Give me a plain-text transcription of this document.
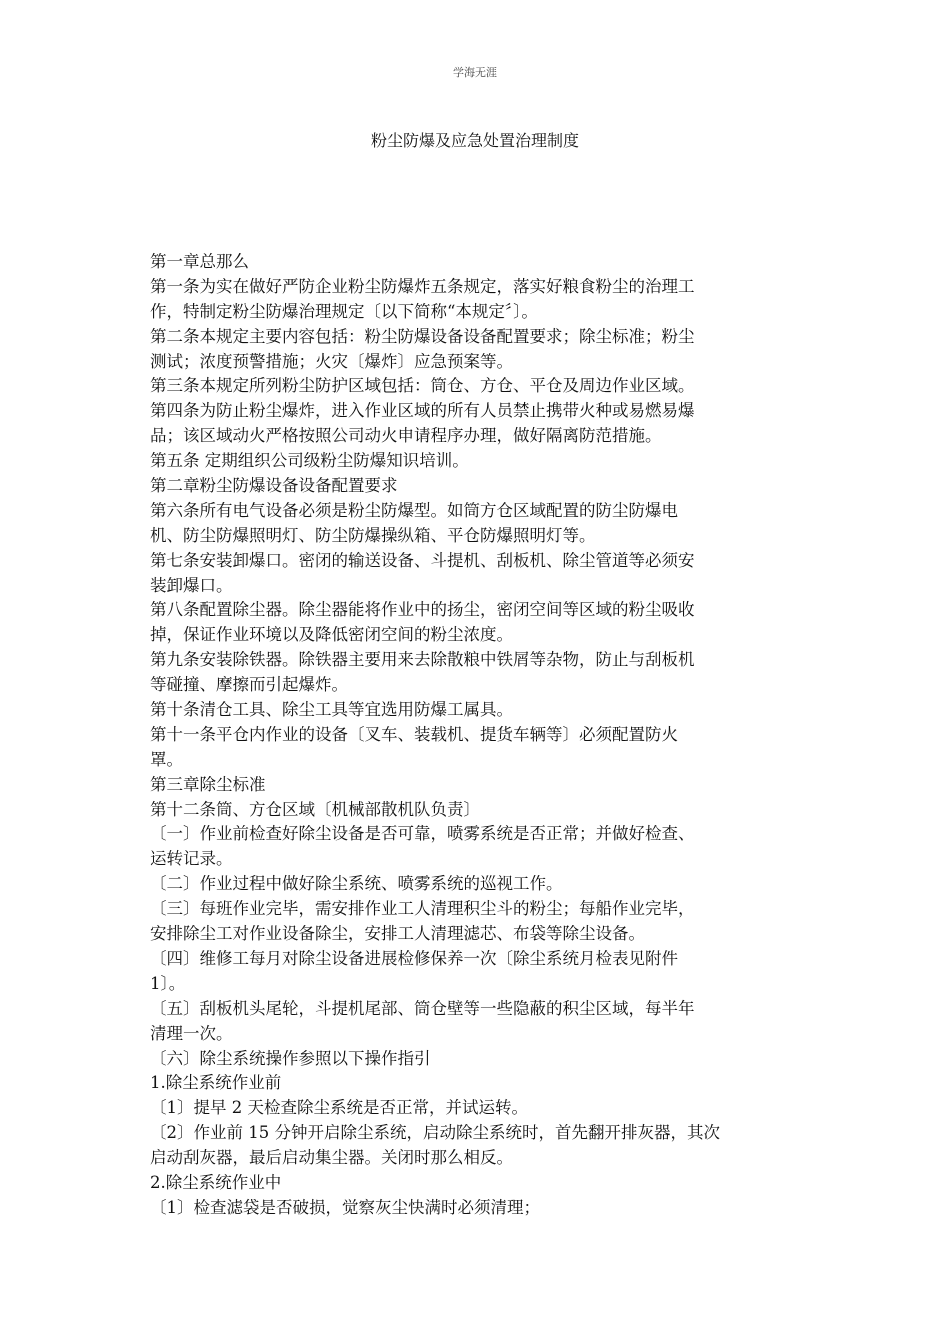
学海无涯
粉尘防爆及应急处置治理制度
第一章总那么
第一条为实在做好严防企业粉尘防爆炸五条规定，落实好粮食粉尘的治理工
作，特制定粉尘防爆治理规定〔以下简称“本规定〞〕。
第二条本规定主要内容包括：粉尘防爆设备设备配置要求；除尘标准；粉尘
测试；浓度预警措施；火灾〔爆炸〕应急预案等。
第三条本规定所列粉尘防护区域包括：筒仓、方仓、平仓及周边作业区域。
第四条为防止粉尘爆炸，进入作业区域的所有人员禁止携带火种或易燃易爆
品；该区域动火严格按照公司动火申请程序办理，做好隔离防范措施。
第五条 定期组织公司级粉尘防爆知识培训。
第二章粉尘防爆设备设备配置要求
第六条所有电气设备必须是粉尘防爆型。如筒方仓区域配置的防尘防爆电
机、防尘防爆照明灯、防尘防爆操纵箱、平仓防爆照明灯等。
第七条安装卸爆口。密闭的输送设备、斗提机、刮板机、除尘管道等必须安
装卸爆口。
第八条配置除尘器。除尘器能将作业中的扬尘，密闭空间等区域的粉尘吸收
掉，保证作业环境以及降低密闭空间的粉尘浓度。
第九条安装除铁器。除铁器主要用来去除散粮中铁屑等杂物，防止与刮板机
等碰撞、摩擦而引起爆炸。
第十条清仓工具、除尘工具等宜选用防爆工属具。
第十一条平仓内作业的设备〔叉车、装载机、提货车辆等〕必须配置防火
罩。
第三章除尘标准
第十二条筒、方仓区域〔机械部散机队负责〕
〔一〕作业前检查好除尘设备是否可靠，喷雾系统是否正常；并做好检查、
运转记录。
〔二〕作业过程中做好除尘系统、喷雾系统的巡视工作。
〔三〕每班作业完毕，需安排作业工人清理积尘斗的粉尘；每船作业完毕，
安排除尘工对作业设备除尘，安排工人清理滤芯、布袋等除尘设备。
〔四〕维修工每月对除尘设备进展检修保养一次〔除尘系统月检表见附件
1〕。
〔五〕刮板机头尾轮，斗提机尾部、筒仓壁等一些隐蔽的积尘区域，每半年
清理一次。
〔六〕除尘系统操作参照以下操作指引
1.除尘系统作业前
〔1〕提早 2 天检查除尘系统是否正常，并试运转。
〔2〕作业前 15 分钟开启除尘系统，启动除尘系统时，首先翻开排灰器，其次
启动刮灰器，最后启动集尘器。关闭时那么相反。
2.除尘系统作业中
〔1〕检查滤袋是否破损，觉察灰尘快满时必须清理；
